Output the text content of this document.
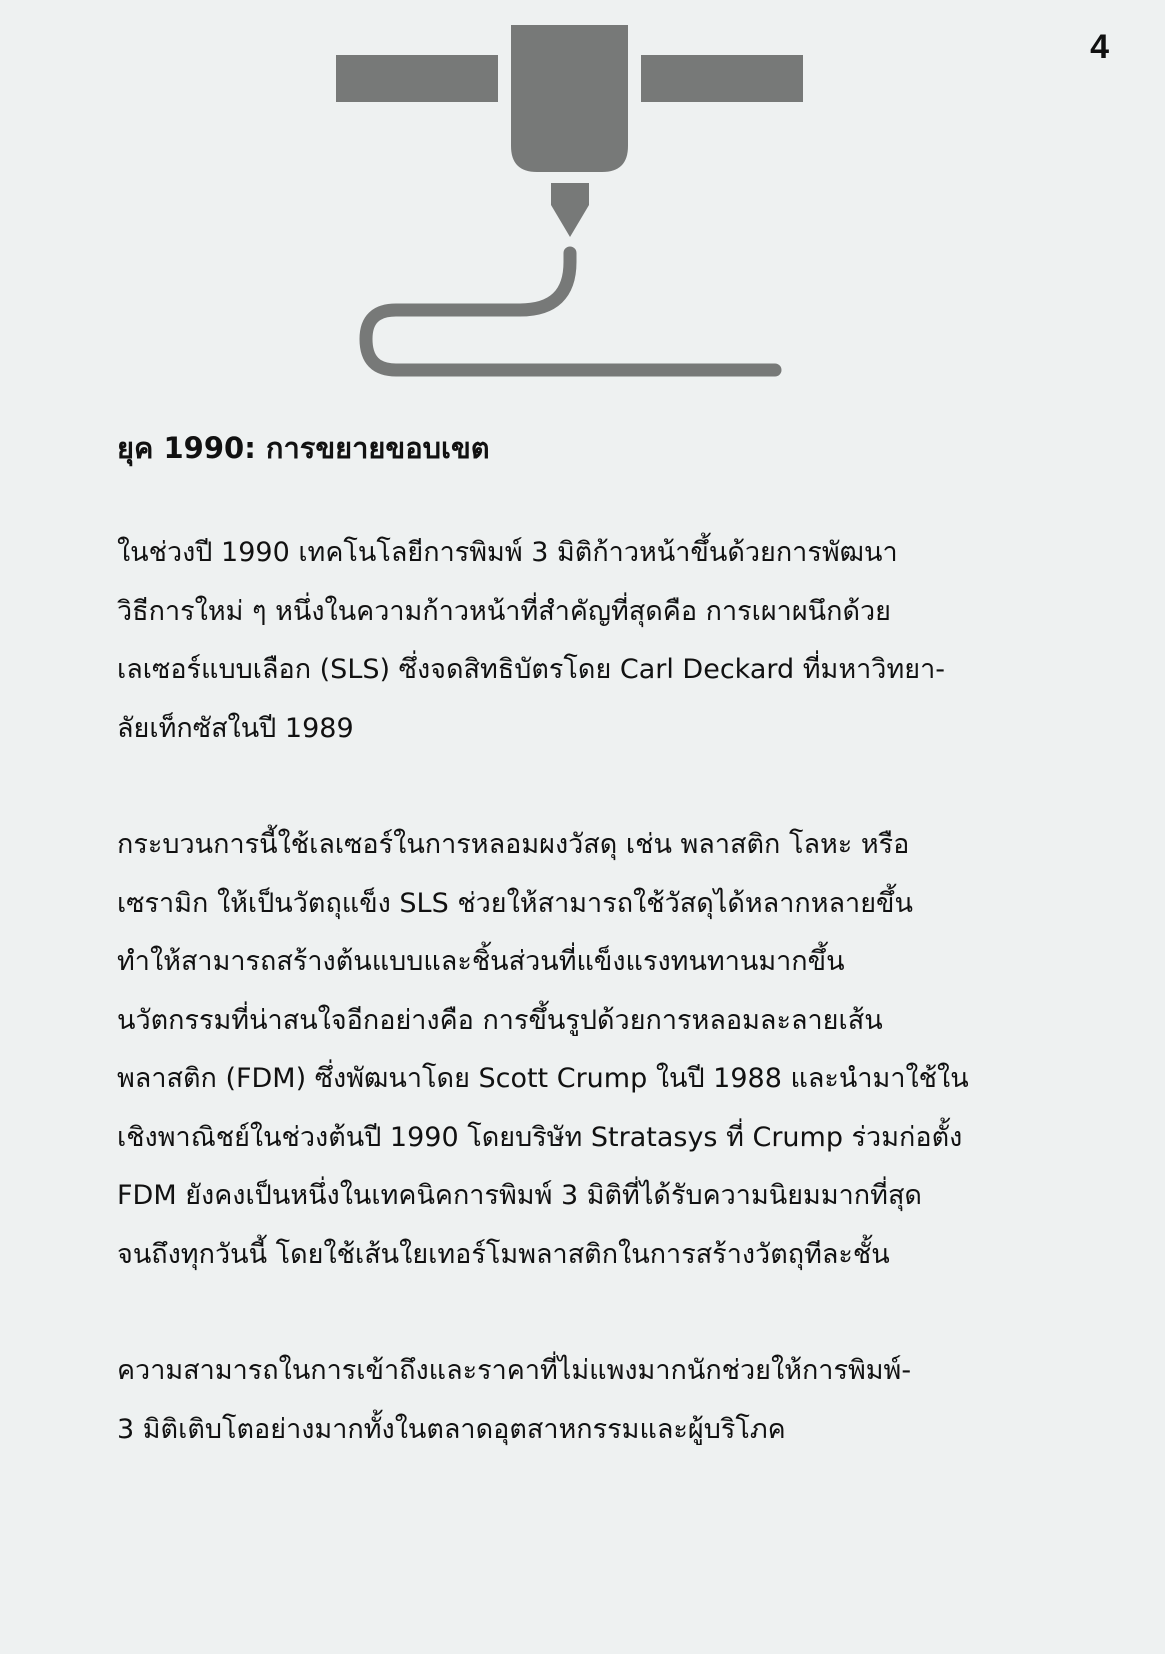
4
ยุค 1990: การขยายขอบเขต
ในช่วงปี 1990 เทคโนโลยีการพิมพ์ 3 มิติก้าวหน้าขึ้นด้วยการพัฒนา
วิธีการใหม่ ๆ หนึ่งในความก้าวหน้าที่สำคัญที่สุดคือ การเผาผนึกด้วย
เลเซอร์แบบเลือก (SLS) ซึ่งจดสิทธิบัตรโดย Carl Deckard ที่มหาวิทยา-
ลัยเท็กซัสในปี 1989
กระบวนการนี้ใช้เลเซอร์ในการหลอมผงวัสดุ เช่น พลาสติก โลหะ หรือ
เซรามิก ให้เป็นวัตถุแข็ง SLS ช่วยให้สามารถใช้วัสดุได้หลากหลายขึ้น
ทำให้สามารถสร้างต้นแบบและชิ้นส่วนที่แข็งแรงทนทานมากขึ้น
นวัตกรรมที่น่าสนใจอีกอย่างคือ การขึ้นรูปด้วยการหลอมละลายเส้น
พลาสติก (FDM) ซึ่งพัฒนาโดย Scott Crump ในปี 1988 และนำมาใช้ใน
เชิงพาณิชย์ในช่วงต้นปี 1990 โดยบริษัท Stratasys ที่ Crump ร่วมก่อตั้ง
FDM ยังคงเป็นหนึ่งในเทคนิคการพิมพ์ 3 มิติที่ได้รับความนิยมมากที่สุด
จนถึงทุกวันนี้ โดยใช้เส้นใยเทอร์โมพลาสติกในการสร้างวัตถุทีละชั้น
ความสามารถในการเข้าถึงและราคาที่ไม่แพงมากนักช่วยให้การพิมพ์-
3 มิติเติบโตอย่างมากทั้งในตลาดอุตสาหกรรมและผู้บริโภค
